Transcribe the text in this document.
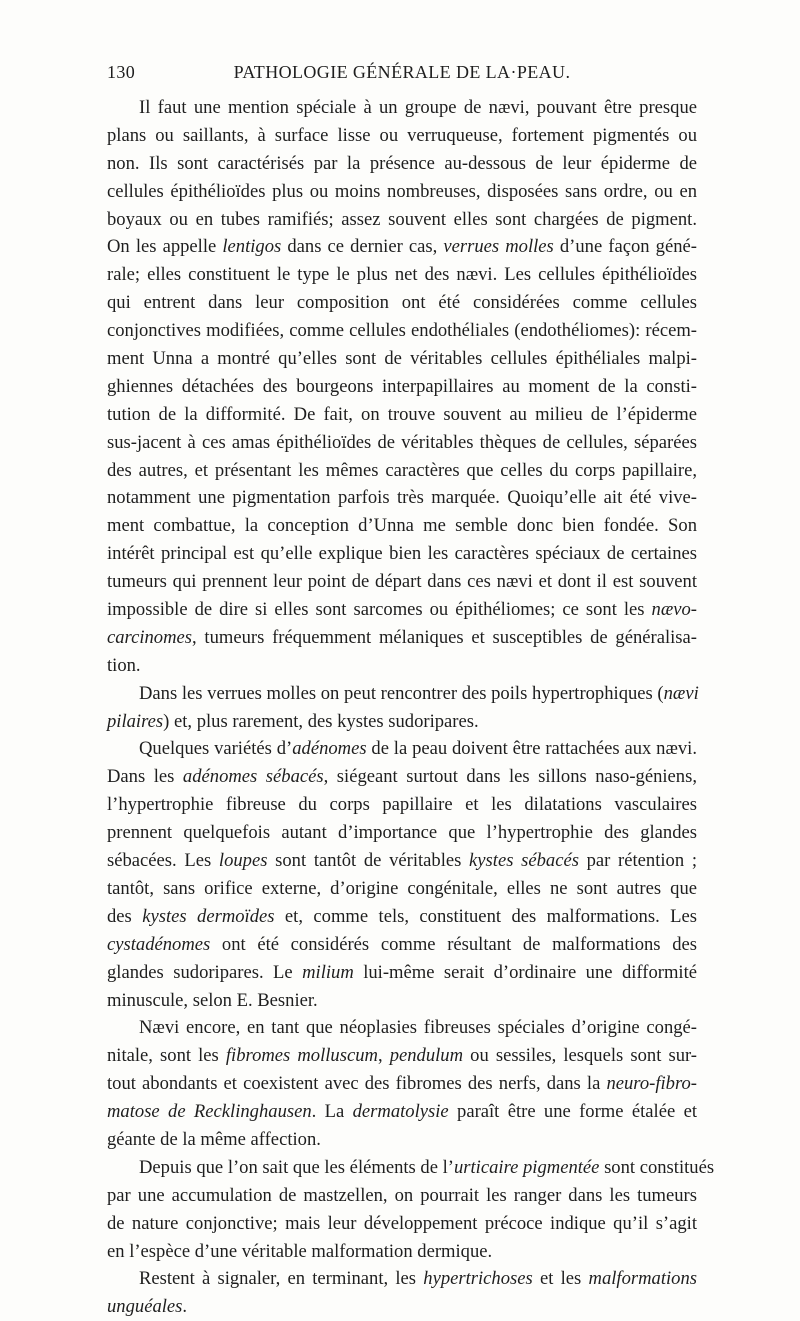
130	PATHOLOGIE GÉNÉRALE DE LA·PEAU.
Il faut une mention spéciale à un groupe de nævi, pouvant être presque
plans ou saillants, à surface lisse ou verruqueuse, fortement pigmentés ou
non. Ils sont caractérisés par la présence au-dessous de leur épiderme de
cellules épithélioïdes plus ou moins nombreuses, disposées sans ordre, ou en
boyaux ou en tubes ramifiés; assez souvent elles sont chargées de pigment.
On les appelle lentigos dans ce dernier cas, verrues molles d’une façon géné-
rale; elles constituent le type le plus net des nævi. Les cellules épithélioïdes
qui entrent dans leur composition ont été considérées comme cellules
conjonctives modifiées, comme cellules endothéliales (endothéliomes): récem-
ment Unna a montré qu’elles sont de véritables cellules épithéliales malpi-
ghiennes détachées des bourgeons interpapillaires au moment de la consti-
tution de la difformité. De fait, on trouve souvent au milieu de l’épiderme
sus-jacent à ces amas épithélioïdes de véritables thèques de cellules, séparées
des autres, et présentant les mêmes caractères que celles du corps papillaire,
notamment une pigmentation parfois très marquée. Quoiqu’elle ait été vive-
ment combattue, la conception d’Unna me semble donc bien fondée. Son
intérêt principal est qu’elle explique bien les caractères spéciaux de certaines
tumeurs qui prennent leur point de départ dans ces nævi et dont il est souvent
impossible de dire si elles sont sarcomes ou épithéliomes; ce sont les nævo-
carcinomes, tumeurs fréquemment mélaniques et susceptibles de généralisa-
tion.
Dans les verrues molles on peut rencontrer des poils hypertrophiques (nævi
pilaires) et, plus rarement, des kystes sudoripares.
Quelques variétés d’adénomes de la peau doivent être rattachées aux nævi.
Dans les adénomes sébacés, siégeant surtout dans les sillons naso-géniens,
l’hypertrophie fibreuse du corps papillaire et les dilatations vasculaires
prennent quelquefois autant d’importance que l’hypertrophie des glandes
sébacées. Les loupes sont tantôt de véritables kystes sébacés par rétention ;
tantôt, sans orifice externe, d’origine congénitale, elles ne sont autres que
des kystes dermoïdes et, comme tels, constituent des malformations. Les
cystadénomes ont été considérés comme résultant de malformations des
glandes sudoripares. Le milium lui-même serait d’ordinaire une difformité
minuscule, selon E. Besnier.
Nævi encore, en tant que néoplasies fibreuses spéciales d’origine congé-
nitale, sont les fibromes molluscum, pendulum ou sessiles, lesquels sont sur-
tout abondants et coexistent avec des fibromes des nerfs, dans la neuro-fibro-
matose de Recklinghausen. La dermatolysie paraît être une forme étalée et
géante de la même affection.
Depuis que l’on sait que les éléments de l’urticaire pigmentée sont constitués
par une accumulation de mastzellen, on pourrait les ranger dans les tumeurs
de nature conjonctive; mais leur développement précoce indique qu’il s’agit
en l’espèce d’une véritable malformation dermique.
Restent à signaler, en terminant, les hypertrichoses et les malformations
unguéales.
